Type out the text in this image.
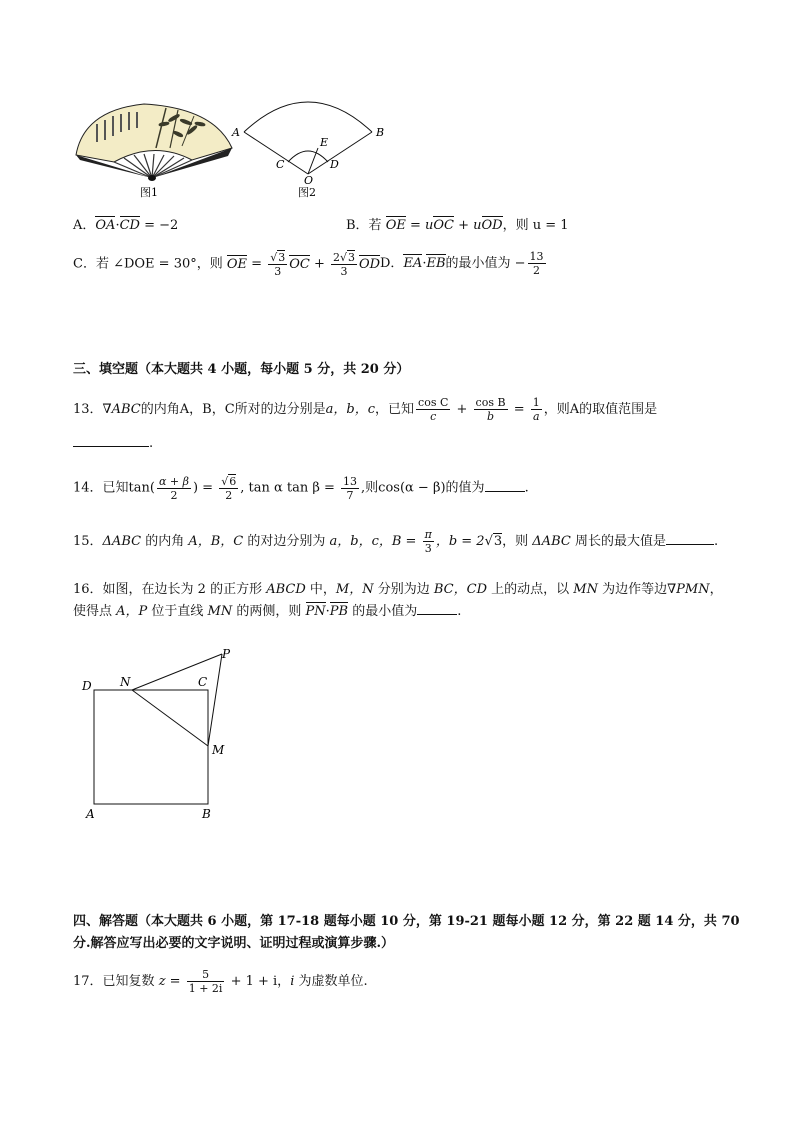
图1
A	B
C	D
E
O
图2
A．OA·CD = −2	B．若 OE = uOC + uOD，则 u = 1
C．若 ∠DOE = 30°，则 OE = $\frac{√3}{3}$ OC + $\frac{2√3}{3}$ OD D．EA·EB的最小值为 − $\frac{13}{2}$
三、填空题（本大题共 4 小题，每小题 5 分，共 20 分）
13．∇ABC的内角A，B，C所对的边分别是a，b，c，已知 $\frac{\text{cos C}}{c} + \frac{\text{cos B}}{b} = \frac{1}{a}$ ，则A的取值范围是
.
14．已知$\tan( \frac{\alpha + \beta}{2}$ ) = $\frac{√6}{2}$ , tan α $\tan \beta = \frac{13}{7}$ ,则cos(α − β)的值为	.
15．ΔABC 的内角 A，B，C 的对边分别为 a，b，c，$B = \frac{\pi}{3}$ ，b = 2√3，则 ΔABC 周长的最大值是	.
16．如图，在边长为 2 的正方形 ABCD 中，M，N 分别为边 BC，CD 上的动点，以 MN 为边作等边∇PMN，
使得点 A，P 位于直线 MN 的两侧，则 PN·PB 的最小值为	.
D N	C
P
M
A	B
四、解答题（本大题共 6 小题，第 17-18 题每小题 10 分，第 19-21 题每小题 12 分，第 22 题 14 分，共 70
分.解答应写出必要的文字说明、证明过程或演算步骤.）
17．已知复数 $z = \frac{5}{1 + 2i} + 1 + i$，i 为虚数单位.
